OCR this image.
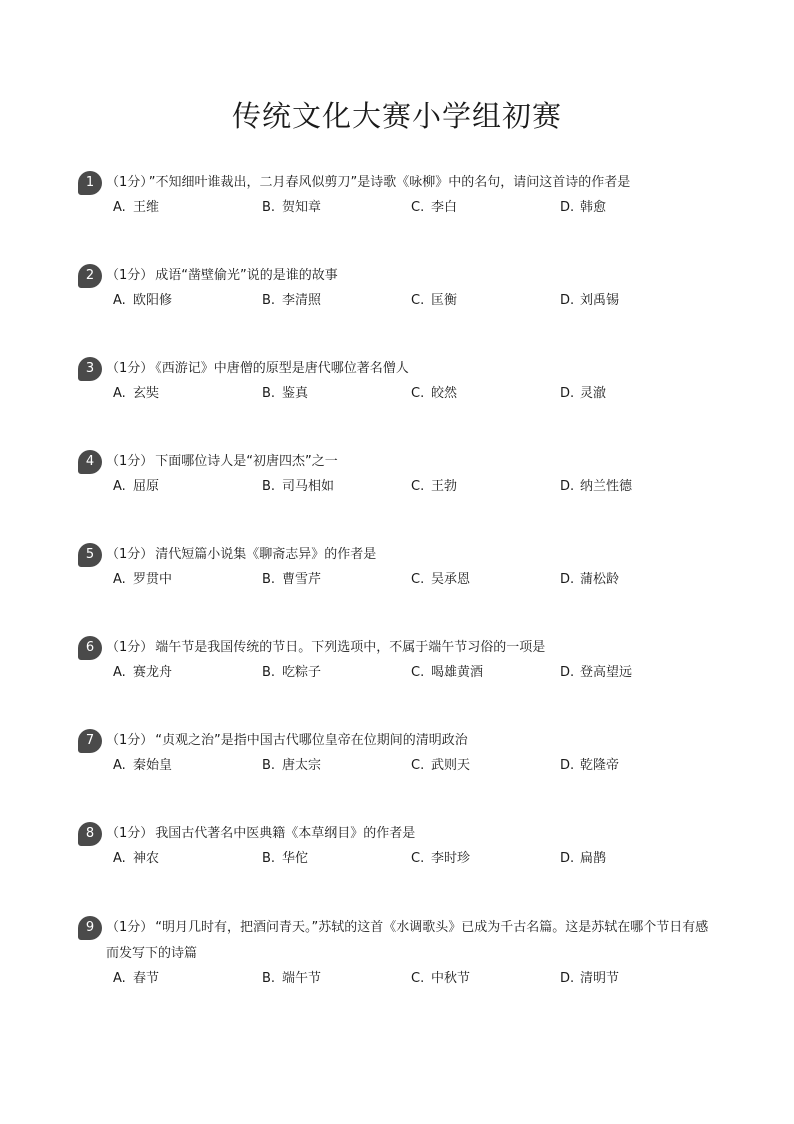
传统文化大赛小学组初赛
1 （1分） ”不知细叶谁裁出，二月春风似剪刀”是诗歌《咏柳》中的名句，请问这首诗的作者是
A. 王维	B. 贺知章	C. 李白	D. 韩愈
2 （1分） 成语“凿壁偷光”说的是谁的故事
A. 欧阳修	B. 李清照	C. 匡衡	D. 刘禹锡
3 （1分） 《西游记》中唐僧的原型是唐代哪位著名僧人
A. 玄奘	B. 鉴真	C. 皎然	D. 灵澈
4 （1分） 下面哪位诗人是“初唐四杰”之一
A. 屈原	B. 司马相如	C. 王勃	D. 纳兰性德
5 （1分） 清代短篇小说集《聊斋志异》的作者是
A. 罗贯中	B. 曹雪芹	C. 吴承恩	D. 蒲松龄
6 （1分） 端午节是我国传统的节日。下列选项中，不属于端午节习俗的一项是
A. 赛龙舟	B. 吃粽子	C. 喝雄黄酒	D. 登高望远
7 （1分） “贞观之治”是指中国古代哪位皇帝在位期间的清明政治
A. 秦始皇	B. 唐太宗	C. 武则天	D. 乾隆帝
8 （1分） 我国古代著名中医典籍《本草纲目》的作者是
A. 神农	B. 华佗	C. 李时珍	D. 扁鹊
9 （1分） “明月几时有，把酒问青天。”苏轼的这首《水调歌头》已成为千古名篇。这是苏轼在哪个节日有感而发写下的诗篇
A. 春节	B. 端午节	C. 中秋节	D. 清明节
